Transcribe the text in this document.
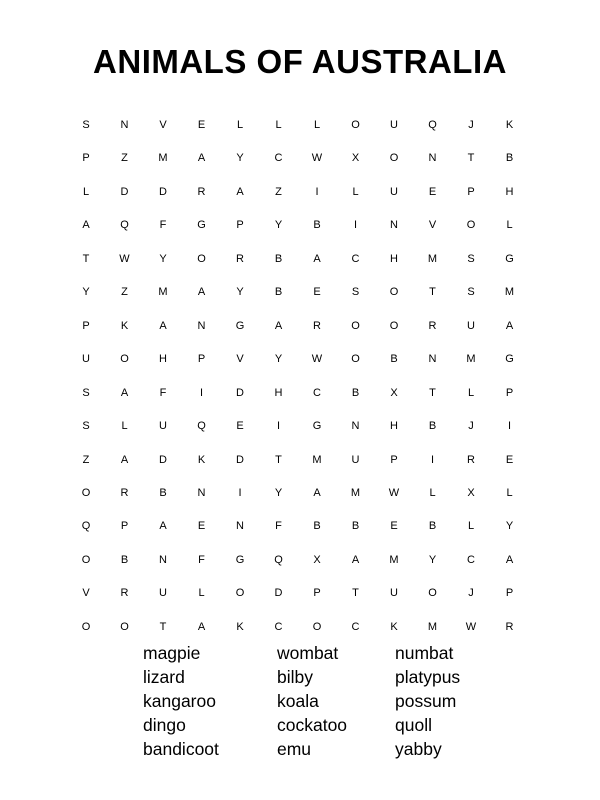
ANIMALS OF AUSTRALIA
S	N	V	E	L	L	L	O	U	Q	J	K
P	Z	M	A	Y	C	W	X	O	N	T	B
L	D	D	R	A	Z	I	L	U	E	P	H
A	Q	F	G	P	Y	B	I	N	V	O	L
T	W	Y	O	R	B	A	C	H	M	S	G
Y	Z	M	A	Y	B	E	S	O	T	S	M
P	K	A	N	G	A	R	O	O	R	U	A
U	O	H	P	V	Y	W	O	B	N	M	G
S	A	F	I	D	H	C	B	X	T	L	P
S	L	U	Q	E	I	G	N	H	B	J	I
Z	A	D	K	D	T	M	U	P	I	R	E
O	R	B	N	I	Y	A	M	W	L	X	L
Q	P	A	E	N	F	B	B	E	B	L	Y
O	B	N	F	G	Q	X	A	M	Y	C	A
V	R	U	L	O	D	P	T	U	O	J	P
O	O	T	A	K	C	O	C	K	M	W	R
magpie
lizard
kangaroo
dingo
bandicoot
wombat
bilby
koala
cockatoo
emu
numbat
platypus
possum
quoll
yabby
